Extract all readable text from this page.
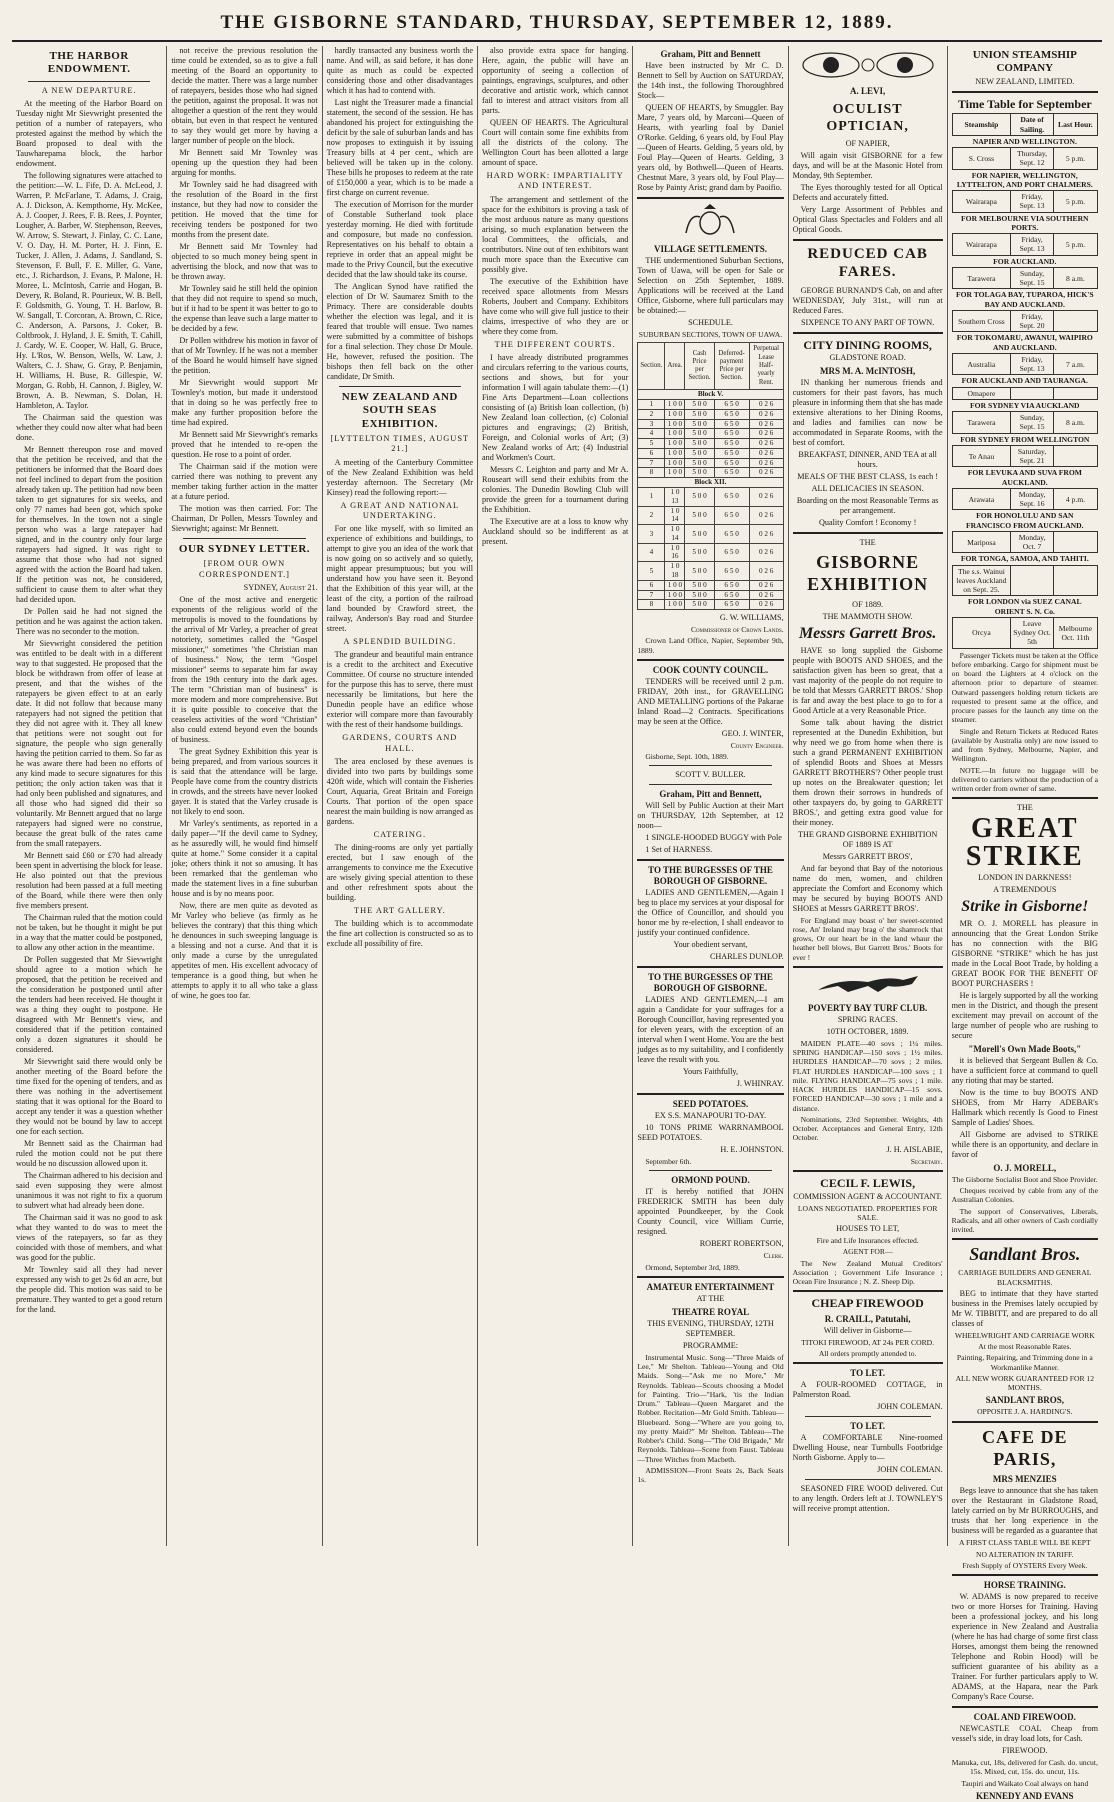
THE GISBORNE STANDARD, THURSDAY, SEPTEMBER 12, 1889.
THE HARBOR ENDOWMENT.
A NEW DEPARTURE.

At the meeting of the Harbor Board on Tuesday night Mr Sievwright presented the petition of a number of ratepayers, who protested against the method by which the Board proposed to deal with the Tauwharepama block, the harbor endowment.

The following signatures were attached to the petition:—W. L. Fife, D. A. McLeod, J. Warren, P. McFarlane, T. Adams, J. Craig, A. J. Dickson, A. Kempthorne, Hy. McKee, A. J. Cooper, J. Rees, F. B. Rees, J. Poynter, Lougher, A. Barber, W. Stephenson, Reeves, W. Arrow, S. Stewart, J. Finlay, C. C. Lane, V. O. Day, H. M. Porter, H. J. Finn, E. Tucker, J. Allen, J. Adams, J. Sandland, S. Stevenson, F. Bull, F. E. Miller, G. Vane, etc., J. Richardson, J. Evans, P. Malone, H. Moree, L. McIntosh, Carrie and Hogan, B. Devery, R. Boland, R. Pourieux, W. B. Bell, F. Goldsmith, G. Young, T. H. Barlow, B. W. Sangall, T. Corcoran, A. Brown, C. Rice, C. Anderson, A. Parsons, J. Coker, B. Coltbrook, J. Hyland, J. E. Smith, T. Cahill, J. Cardy, W. E. Cooper, W. Hall, G. Bruce, Hy. L'Ros, W. Benson, Wells, W. Law, J. Walters, C. J. Shaw, G. Gray, P. Benjamin, H. Williams, H. Buse, R. Gillespie, W. Morgan, G. Robb, H. Cannon, J. Bigley, W. Brown, A. B. Newman, S. Dolan, H. Hambleton, A. Taylor.

The Chairman said the question was whether they could now alter what had been done.

Mr Bennett thereupon rose and moved that the petition be received, and that the petitioners be informed that the Board does not feel inclined to depart from the position already taken up. The petition had now been taken to get signatures for six weeks, and only 77 names had been got, which spoke for themselves. In the town not a single person who was a large ratepayer had signed, and in the country only four large ratepayers had signed. It was right to assume that those who had not signed agreed with the action the Board had taken. If the petition was not, he considered, sufficient to cause them to alter what they had decided upon.

Dr Pollen said he had not signed the petition and he was against the action taken. There was no seconder to the motion.

Mr Sievwright considered the petition was entitled to be dealt with in a different way to that suggested. He proposed that the block be withdrawn from offer of lease at present, and that the wishes of the ratepayers be given effect to at an early date. It did not follow that because many ratepayers had not signed the petition that they did not agree with it. They all knew that petitions were not sought out for signature, the people who sign generally having the petition carried to them. So far as he was aware there had been no efforts of any kind made to secure signatures for this petition; the only action taken was that it had only been published and signatures, and all those who had signed did their so voluntarily. Mr Bennett argued that no large ratepayers had signed were no construe, because the great bulk of the rates came from the small ratepayers.

Mr Bennett said £60 or £70 had already been spent in advertising the block for lease. He also pointed out that the previous resolution had been passed at a full meeting of the Board, while there were then only five members present.

The Chairman ruled that the motion could not be taken, but he thought it might be put in a way that the matter could be postponed, to allow any other action in the meantime.

Dr Pollen suggested that Mr Sievwright should agree to a motion which he proposed, that the petition be received and the consideration be postponed until after the tenders had been received. He thought it was a thing they ought to postpone. He disagreed with Mr Bennett's view, and considered that if the petition contained only a dozen signatures it should be considered.

Mr Sievwright said there would only be another meeting of the Board before the time fixed for the opening of tenders, and as there was nothing in the advertisement stating that it was optional for the Board to accept any tender it was a question whether they would not be bound by law to accept one for each section.

Mr Bennett said as the Chairman had ruled the motion could not be put there would be no discussion allowed upon it.

The Chairman adhered to his decision and said even supposing they were almost unanimous it was not right to fix a quorum to subvert what had already been done.

The Chairman said it was no good to ask what they wanted to do was to meet the views of the ratepayers, so far as they coincided with those of members, and what was good for the public.

Mr Townley said all they had never expressed any wish to get 2s 6d an acre, but the people did. This motion was said to be premature. They wanted to get a good return for the land.

not receive the previous resolution the time could be extended, so as to give a full meeting of the Board an opportunity to decide the matter. There was a large number of ratepayers, besides those who had signed the petition, against the proposal. It was not altogether a question of the rent they would obtain, but even in that respect he ventured to say they would get more by having a larger number of people on the block.

Mr Bennett said Mr Townley was opening up the question they had been arguing for months.

Mr Townley said he had disagreed with the resolution of the Board in the first instance, but they had now to consider the petition. He moved that the time for receiving tenders be postponed for two months from the present date.

Mr Bennett said Mr Townley had objected to so much money being spent in advertising the block, and now that was to be thrown away.

Mr Townley said he still held the opinion that they did not require to spend so much, but if it had to be spent it was better to go to the expense than leave such a large matter to be decided by a few.

Dr Pollen withdrew his motion in favor of that of Mr Townley. If he was not a member of the Board he would himself have signed the petition.

Mr Sievwright would support Mr Townley's motion, but made it understood that in doing so he was perfectly free to make any further proposition before the time had expired.

Mr Bennett said Mr Sievwright's remarks proved that he intended to re-open the question. He rose to a point of order.

The Chairman said if the motion were carried there was nothing to prevent any member taking further action in the matter at a future period.

The motion was then carried. For: The Chairman, Dr Pollen, Messrs Townley and Sievwright; against: Mr Bennett.

OUR SYDNEY LETTER.
[FROM OUR OWN CORRESPONDENT.]

SYDNEY, August 21.

One of the most active and energetic exponents of the religious world of the metropolis is moved to the foundations by the arrival of Mr Varley, a preacher of great notoriety, sometimes called the "Gospel missioner," sometimes "the Christian man of business." Now, the term "Gospel missioner" seems to separate him far away from the 19th century into the dark ages. The term "Christian man of business" is more modern and more comprehensive. But it is quite possible to conceive that the ceaseless activities of the word "Christian" also could extend beyond even the bounds of business.

The great Sydney Exhibition this year is being prepared, and from various sources it is said that the attendance will be large. People have come from the country districts in crowds, and the streets have never looked gayer. It is stated that the Varley crusade is not likely to end soon.

Mr Varley's sentiments, as reported in a daily paper—"If the devil came to Sydney, as he assuredly will, he would find himself quite at home." Some consider it a capital joke; others think it not so amusing. It has been remarked that the gentleman who made the statement lives in a fine suburban house and is by no means poor.

Now, there are men quite as devoted as Mr Varley who believe (as firmly as he believes the contrary) that this thing which he denounces in such sweeping language is a blessing and not a curse. And that it is only made a curse by the unregulated appetites of men. His excellent advocacy of temperance is a good thing, but when he attempts to apply it to all who take a glass of wine, he goes too far.

hardly transacted any business worth the name. And will, as said before, it has done quite as much as could be expected considering those and other disadvantages which it has had to contend with.

Last night the Treasurer made a financial statement, the second of the session. He has abandoned his project for extinguishing the deficit by the sale of suburban lands and has now proposes to extinguish it by issuing Treasury bills at 4 per cent., which are believed will be taken up in the colony. These bills he proposes to redeem at the rate of £150,000 a year, which is to be made a first charge on current revenue.

The execution of Morrison for the murder of Constable Sutherland took place yesterday morning. He died with fortitude and composure, but made no confession. Representatives on his behalf to obtain a reprieve in order that an appeal might be made to the Privy Council, but the executive decided that the law should take its course.

The Anglican Synod have ratified the election of Dr W. Saumarez Smith to the Primacy. There are considerable doubts whether the election was legal, and it is feared that trouble will ensue. Two names were submitted by a committee of bishops for a final selection. They chose Dr Moule. He, however, refused the position. The bishops then fell back on the other candidate, Dr Smith.

NEW ZEALAND AND SOUTH SEAS EXHIBITION.
[LYTTELTON TIMES, AUGUST 21.]

A meeting of the Canterbury Committee of the New Zealand Exhibition was held yesterday afternoon. The Secretary (Mr Kinsey) read the following report:—

A GREAT AND NATIONAL UNDERTAKING.

For one like myself, with so limited an experience of exhibitions and buildings, to attempt to give you an idea of the work that is now going on so actively and so quietly, might appear presumptuous; but you will understand how you have seen it. Beyond that the Exhibition of this year will, at the least of the city, a portion of the railroad land bounded by Crawford street, the railway, Anderson's Bay road and Sturdee street.

A SPLENDID BUILDING.

The grandeur and beautiful main entrance is a credit to the architect and Executive Committee. Of course no structure intended for the purpose this has to serve, there must necessarily be limitations, but here the Dunedin people have an edifice whose exterior will compare more than favourably with the rest of their handsome buildings.

GARDENS, COURTS AND HALL.

The area enclosed by these avenues is divided into two parts by buildings some 420ft wide, which will contain the Fisheries Court, Aquaria, Great Britain and Foreign Courts. That portion of the open space nearest the main building is now arranged as gardens.

CATERING.

The dining-rooms are only yet partially erected, but I saw enough of the arrangements to convince me the Executive are wisely giving special attention to these and other refreshment spots about the building.

THE ART GALLERY.

The building which is to accommodate the fine art collection is constructed so as to exclude all possibility of fire.

also provide extra space for hanging. Here, again, the public will have an opportunity of seeing a collection of paintings, engravings, sculptures, and other decorative and artistic work, which cannot fail to interest and attract visitors from all parts.

QUEEN OF HEARTS. The Agricultural Court will contain some fine exhibits from all the districts of the colony. The Wellington Court has been allotted a large amount of space.

HARD WORK: IMPARTIALITY AND INTEREST.

The arrangement and settlement of the space for the exhibitors is proving a task of the most arduous nature as many questions arising, so much explanation between the local Committees, the officials, and contributors. Nine out of ten exhibitors want much more space than the Executive can possibly give.

The executive of the Exhibition have received space allotments from Messrs Roberts, Joubert and Company. Exhibitors have come who will give full justice to their claims, irrespective of who they are or where they come from.

THE DIFFERENT COURTS.

I have already distributed programmes and circulars referring to the various courts, sections and shows, but for your information I will again tabulate them:—(1) Fine Arts Department—Loan collections consisting of (a) British loan collection, (b) New Zealand loan collection, (c) Colonial pictures and engravings; (2) British, Foreign, and Colonial works of Art; (3) New Zealand works of Art; (4) Industrial and Workmen's Court.

Messrs C. Leighton and party and Mr A. Rouseart will send their exhibits from the colonies. The Dunedin Bowling Club will provide the green for a tournament during the Exhibition.

The Executive are at a loss to know why Auckland should so be indifferent as at present.

Graham, Pitt and Bennett

Have been instructed by Mr C. D. Bennett to Sell by Auction on SATURDAY, the 14th inst., the following Thoroughbred Stock—

QUEEN OF HEARTS, by Smuggler. Bay Mare, 7 years old, by Marconi—Queen of Hearts, with yearling foal by Daniel O'Rorke. Gelding, 6 years old, by Foul Play—Queen of Hearts. Gelding, 5 years old, by Foul Play—Queen of Hearts. Gelding, 3 years old, by Bothwell—Queen of Hearts. Chestnut Mare, 3 years old, by Foul Play—Rose by Painty Arist; grand dam by Paoifio.

VILLAGE SETTLEMENTS.

THE undermentioned Suburban Sections, Town of Uawa, will be open for Sale or Selection on 25th September, 1889. Applications will be received at the Land Office, Gisborne, where full particulars may be obtained:—

SCHEDULE.

SUBURBAN SECTIONS, TOWN OF UAWA.

Section.	Area.	Cash Price per Section.	Deferred-payment Price per Section.	Perpetual Lease Half-yearly Rent.
Block V.				
1	1 0 0	5 0 0	6 5 0	0 2 6
2	1 0 0	5 0 0	6 5 0	0 2 6
3	1 0 0	5 0 0	6 5 0	0 2 6
4	1 0 0	5 0 0	6 5 0	0 2 6
5	1 0 0	5 0 0	6 5 0	0 2 6
6	1 0 0	5 0 0	6 5 0	0 2 6
7	1 0 0	5 0 0	6 5 0	0 2 6
8	1 0 0	5 0 0	6 5 0	0 2 6
Block XII.				
1	1 0 13	5 0 0	6 5 0	0 2 6
2	1 0 14	5 0 0	6 5 0	0 2 6
3	1 0 14	5 0 0	6 5 0	0 2 6
4	1 0 16	5 0 0	6 5 0	0 2 6
5	1 0 18	5 0 0	6 5 0	0 2 6
6	1 0 0	5 0 0	6 5 0	0 2 6
7	1 0 0	5 0 0	6 5 0	0 2 6
8	1 0 0	5 0 0	6 5 0	0 2 6

G. W. WILLIAMS,

Commissioner of Crown Lands.

Crown Land Office, Napier, September 9th, 1889.

COOK COUNTY COUNCIL.

TENDERS will be received until 2 p.m. FRIDAY, 20th inst., for GRAVELLING AND METALLING portions of the Pakarae Inland Road—2 Contracts. Specifications may be seen at the Office.

GEO. J. WINTER,

County Engineer.

Gisborne, Sept. 10th, 1889.

SCOTT V. BULLER.

Graham, Pitt and Bennett,

Will Sell by Public Auction at their Mart on THURSDAY, 12th September, at 12 noon—

1 SINGLE-HOODED BUGGY with Pole

1 Set of HARNESS.

TO THE BURGESSES OF THE BOROUGH OF GISBORNE.

LADIES AND GENTLEMEN,—Again I beg to place my services at your disposal for the Office of Councillor, and should you honor me by re-election, I shall endeavor to justify your continued confidence.

Your obedient servant,

CHARLES DUNLOP.

TO THE BURGESSES OF THE BOROUGH OF GISBORNE.

LADIES AND GENTLEMEN,—I am again a Candidate for your suffrages for a Borough Councillor, having represented you for eleven years, with the exception of an interval when I went Home. You are the best judges as to my suitability, and I confidently leave the result with you.

Yours Faithfully,

J. WHINRAY.

SEED POTATOES.

EX S.S. MANAPOURI TO-DAY.

10 TONS PRIME WARRNAMBOOL SEED POTATOES.

H. E. JOHNSTON.

September 6th.

ORMOND POUND.

IT is hereby notified that JOHN FREDERICK SMITH has been duly appointed Poundkeeper, by the Cook County Council, vice William Currie, resigned.

ROBERT ROBERTSON,

Clerk.

Ormond, September 3rd, 1889.

AMATEUR ENTERTAINMENT

AT THE

THEATRE ROYAL

THIS EVENING, THURSDAY, 12TH SEPTEMBER.

PROGRAMME:

Instrumental Music. Song—"Three Maids of Lee," Mr Shelton. Tableau—Young and Old Maids. Song—"Ask me no More," Mr Reynolds. Tableau—Scouts choosing a Model for Painting. Trio—"Hark, 'tis the Indian Drum." Tableau—Queen Margaret and the Robber. Recitation—Mr Gold Smith. Tableau—Bluebeard. Song—"Where are you going to, my pretty Maid?" Mr Shelton. Tableau—The Robber's Child. Song—"The Old Brigade," Mr Reynolds. Tableau—Scene from Faust. Tableau—Three Witches from Macbeth.

ADMISSION—Front Seats 2s, Back Seats 1s.

A. LEVI,

OCULIST OPTICIAN,

OF NAPIER,

Will again visit GISBORNE for a few days, and will be at the Masonic Hotel from Monday, 9th September.

The Eyes thoroughly tested for all Optical Defects and accurately fitted.

Very Large Assortment of Pebbles and Optical Glass Spectacles and Folders and all Optical Goods.

REDUCED CAB FARES.

GEORGE BURNAND'S Cab, on and after WEDNESDAY, July 31st., will run at Reduced Fares.

SIXPENCE TO ANY PART OF TOWN.

CITY DINING ROOMS,

GLADSTONE ROAD.

MRS M. A. McINTOSH,

IN thanking her numerous friends and customers for their past favors, has much pleasure in informing them that she has made extensive alterations to her Dining Rooms, and ladies and families can now be accommodated in Separate Rooms, with the best of comfort.

BREAKFAST, DINNER, AND TEA at all hours.

MEALS OF THE BEST CLASS, 1s each !

ALL DELICACIES IN SEASON.

Boarding on the most Reasonable Terms as per arrangement.

Quality Comfort ! Economy !

THE

GISBORNE EXHIBITION

OF 1889.

THE MAMMOTH SHOW.

Messrs Garrett Bros.

HAVE so long supplied the Gisborne people with BOOTS AND SHOES, and the satisfaction given has been so great, that a vast majority of the people do not require to be told that Messrs GARRETT BROS.' Shop is far and away the best place to go to for a Good Article at a very Reasonable Price.

Some talk about having the district represented at the Dunedin Exhibition, but why need we go from home when there is such a grand PERMANENT EXHIBITION of splendid Boots and Shoes at Messrs GARRETT BROTHERS'? Other people trust up notes on the Breakwater question; let them drown their sorrows in hundreds of other taxpayers do, by going to GARRETT BROS.', and getting extra good value for their money.

THE GRAND GISBORNE EXHIBITION OF 1889 IS AT

Messrs GARRETT BROS',

And far beyond that Bay of the notorious name do men, women, and children appreciate the Comfort and Economy which may be secured by buying BOOTS AND SHOES at Messrs GARRETT BROS'.

For England may boast o' her sweet-scented rose, An' Ireland may brag o' the shamrock that grows, Or our heart be in the land whaur the heather bell blows, But Garrett Bros.' Boots for ever !

POVERTY BAY TURF CLUB.

SPRING RACES.

10TH OCTOBER, 1889.

MAIDEN PLATE—40 sovs ; 1¼ miles. SPRING HANDICAP—150 sovs ; 1½ miles. HURDLES HANDICAP—70 sovs ; 2 miles. FLAT HURDLES HANDICAP—100 sovs ; 1 mile. FLYING HANDICAP—75 sovs ; 1 mile. HACK HURDLES HANDICAP—15 sovs. FORCED HANDICAP—30 sovs ; 1 mile and a distance.

Nominations, 23rd September. Weights, 4th October. Acceptances and General Entry, 12th October.

J. H. AISLABIE,

Secretary.

CECIL F. LEWIS,

COMMISSION AGENT & ACCOUNTANT.

LOANS NEGOTIATED. PROPERTIES FOR SALE.

HOUSES TO LET,

Fire and Life Insurances effected.

AGENT FOR—

The New Zealand Mutual Creditors' Association ; Government Life Insurance ; Ocean Fire Insurance ; N. Z. Sheep Dip.

CHEAP FIREWOOD
R. CRAILL, Patutahi,

Will deliver in Gisborne—

TITOKI FIREWOOD, AT 24s PER CORD.

All orders promptly attended to.

TO LET.

A FOUR-ROOMED COTTAGE, in Palmerston Road.

JOHN COLEMAN.

TO LET.

A COMFORTABLE Nine-roomed Dwelling House, near Turnbulls Footbridge North Gisborne. Apply to—

JOHN COLEMAN.

SEASONED FIRE WOOD delivered. Cut to any length. Orders left at J. TOWNLEY'S will receive prompt attention.

UNION STEAMSHIP COMPANY

NEW ZEALAND, LIMITED.

Time Table for September
Steamship	Date of Sailing.	Last Hour.
NAPIER AND WELLINGTON.		
S. Cross	Thursday, Sept. 12	5 p.m.
FOR NAPIER, WELLINGTON, LYTTELTON, AND PORT CHALMERS.		
Wairarapa	Friday, Sept. 13	5 p.m.
FOR MELBOURNE VIA SOUTHERN PORTS.		
Wairarapa	Friday, Sept. 13	5 p.m.
FOR AUCKLAND.		
Tarawera	Sunday, Sept. 15	8 a.m.
FOR TOLAGA BAY, TUPAROA, HICK'S BAY AND AUCKLAND.		
Southern Cross	Friday, Sept. 20	
FOR TOKOMARU, AWANUI, WAIPIRO AND AUCKLAND.		
Australia	Friday, Sept. 13	7 a.m.
FOR AUCKLAND AND TAURANGA.		
Omapere		
FOR SYDNEY VIA AUCKLAND		
Tarawera	Sunday, Sept. 15	8 a.m.
FOR SYDNEY FROM WELLINGTON		
Te Anau	Saturday, Sept. 21	
FOR LEVUKA AND SUVA FROM AUCKLAND.		
Arawata	Monday, Sept. 16	4 p.m.
FOR HONOLULU AND SAN FRANCISCO FROM AUCKLAND.		
Mariposa	Monday, Oct. 7	
FOR TONGA, SAMOA, AND TAHITI.		
The s.s. Wainui leaves Auckland on Sept. 25.		
FOR LONDON via SUEZ CANAL ORIENT S. N. Co.		
Orcya	Leave Sydney Oct. 5th	Melbourne Oct. 11th

Passenger Tickets must be taken at the Office before embarking. Cargo for shipment must be on board the Lighters at 4 o'clock on the afternoon prior to departure of steamer. Outward passengers holding return tickets are requested to present same at the office, and procure passes for the launch any time on the steamer.

Single and Return Tickets at Reduced Rates (available by Australia only) are now issued to and from Sydney, Melbourne, Napier, and Wellington.

NOTE.—In future no luggage will be delivered to carriers without the production of a written order from owner of same.

THE

GREAT STRIKE

LONDON IN DARKNESS!

A TREMENDOUS

Strike in Gisborne!

MR O. J. MORELL has pleasure in announcing that the Great London Strike has no connection with the BIG GISBORNE "STRIKE" which he has just made in the Local Boot Trade, by holding a GREAT BOOK FOR THE BENEFIT OF BOOT PURCHASERS !

He is largely supported by all the working men in the District, and though the present excitement may prevail on account of the large number of people who are rushing to secure

"Morell's Own Made Boots,"

it is believed that Sergeant Bullen & Co. have a sufficient force at command to quell any rioting that may be started.

Now is the time to buy BOOTS AND SHOES, from Mr Harry ADEBAR's Hallmark which recently Is Good to Finest Sample of Ladies' Shoes.

All Gisborne are advised to STRIKE while there is an opportunity, and declare in favor of

O. J. MORELL,

The Gisborne Socialist Boot and Shoe Provider.

Cheques received by cable from any of the Australian Colonies.

The support of Conservatives, Liberals, Radicals, and all other owners of Cash cordially invited.

Sandlant Bros.

CARRIAGE BUILDERS AND GENERAL BLACKSMITHS.

BEG to intimate that they have started business in the Premises lately occupied by Mr W. TIBBITT, and are prepared to do all classes of

WHEELWRIGHT AND CARRIAGE WORK

At the most Reasonable Rates.

Painting, Repairing, and Trimming done in a Workmanlike Manner.

ALL NEW WORK GUARANTEED FOR 12 MONTHS.

SANDLANT BROS,

OPPOSITE J. A. HARDING'S.

CAFE DE PARIS,

MRS MENZIES

Begs leave to announce that she has taken over the Restaurant in Gladstone Road, lately carried on by Mr BURROUGHS, and trusts that her long experience in the business will be regarded as a guarantee that

A FIRST CLASS TABLE WILL BE KEPT

NO ALTERATION IN TARIFF.

Fresh Supply of OYSTERS Every Week.

HORSE TRAINING.

W. ADAMS is now prepared to receive two or more Horses for Training. Having been a professional jockey, and his long experience in New Zealand and Australia (where he has had charge of some first class Horses, amongst them being the renowned Telephone and Robin Hood) will be sufficient guarantee of his ability as a Trainer. For further particulars apply to W. ADAMS, at the Hapara, near the Park Company's Race Course.

COAL AND FIREWOOD.

NEWCASTLE COAL Cheap from vessel's side, in dray load lots, for Cash.

FIREWOOD.

Manuka, cut, 18s, delivered for Cash. do. uncut, 15s. Mixed, cut, 15s. do. uncut, 11s.

Taupiri and Waikato Coal always on hand

KENNEDY AND EVANS
